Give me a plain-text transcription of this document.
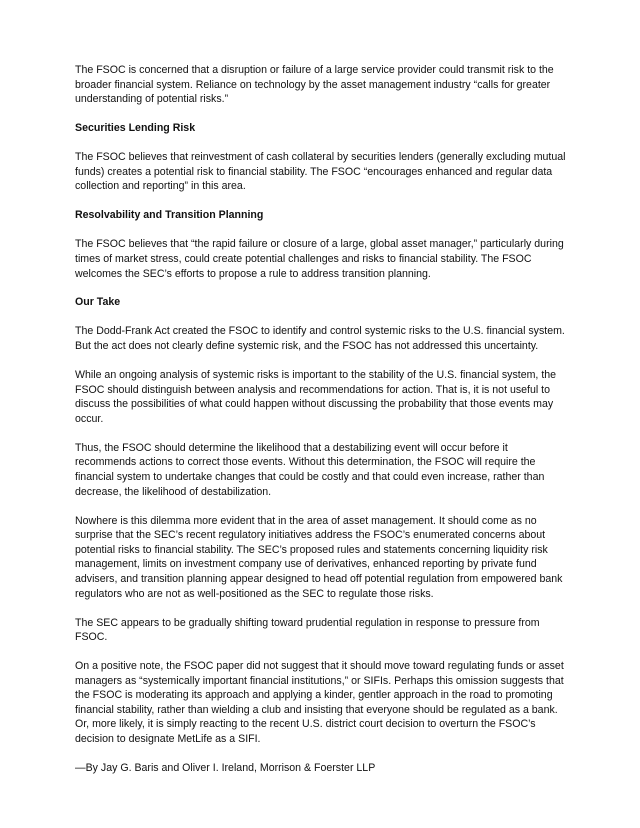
The FSOC is concerned that a disruption or failure of a large service provider could transmit risk to the broader financial system. Reliance on technology by the asset management industry “calls for greater understanding of potential risks.”

Securities Lending Risk

The FSOC believes that reinvestment of cash collateral by securities lenders (generally excluding mutual funds) creates a potential risk to financial stability. The FSOC “encourages enhanced and regular data collection and reporting” in this area.

Resolvability and Transition Planning

The FSOC believes that “the rapid failure or closure of a large, global asset manager,” particularly during times of market stress, could create potential challenges and risks to financial stability. The FSOC welcomes the SEC’s efforts to propose a rule to address transition planning.

Our Take

The Dodd-Frank Act created the FSOC to identify and control systemic risks to the U.S. financial system. But the act does not clearly define systemic risk, and the FSOC has not addressed this uncertainty.

While an ongoing analysis of systemic risks is important to the stability of the U.S. financial system, the FSOC should distinguish between analysis and recommendations for action. That is, it is not useful to discuss the possibilities of what could happen without discussing the probability that those events may occur.

Thus, the FSOC should determine the likelihood that a destabilizing event will occur before it recommends actions to correct those events. Without this determination, the FSOC will require the financial system to undertake changes that could be costly and that could even increase, rather than decrease, the likelihood of destabilization.

Nowhere is this dilemma more evident that in the area of asset management. It should come as no surprise that the SEC’s recent regulatory initiatives address the FSOC’s enumerated concerns about potential risks to financial stability. The SEC’s proposed rules and statements concerning liquidity risk management, limits on investment company use of derivatives, enhanced reporting by private fund advisers, and transition planning appear designed to head off potential regulation from empowered bank regulators who are not as well-positioned as the SEC to regulate those risks.

The SEC appears to be gradually shifting toward prudential regulation in response to pressure from FSOC.

On a positive note, the FSOC paper did not suggest that it should move toward regulating funds or asset managers as “systemically important financial institutions,” or SIFIs. Perhaps this omission suggests that the FSOC is moderating its approach and applying a kinder, gentler approach in the road to promoting financial stability, rather than wielding a club and insisting that everyone should be regulated as a bank. Or, more likely, it is simply reacting to the recent U.S. district court decision to overturn the FSOC’s decision to designate MetLife as a SIFI.

—By Jay G. Baris and Oliver I. Ireland, Morrison & Foerster LLP
